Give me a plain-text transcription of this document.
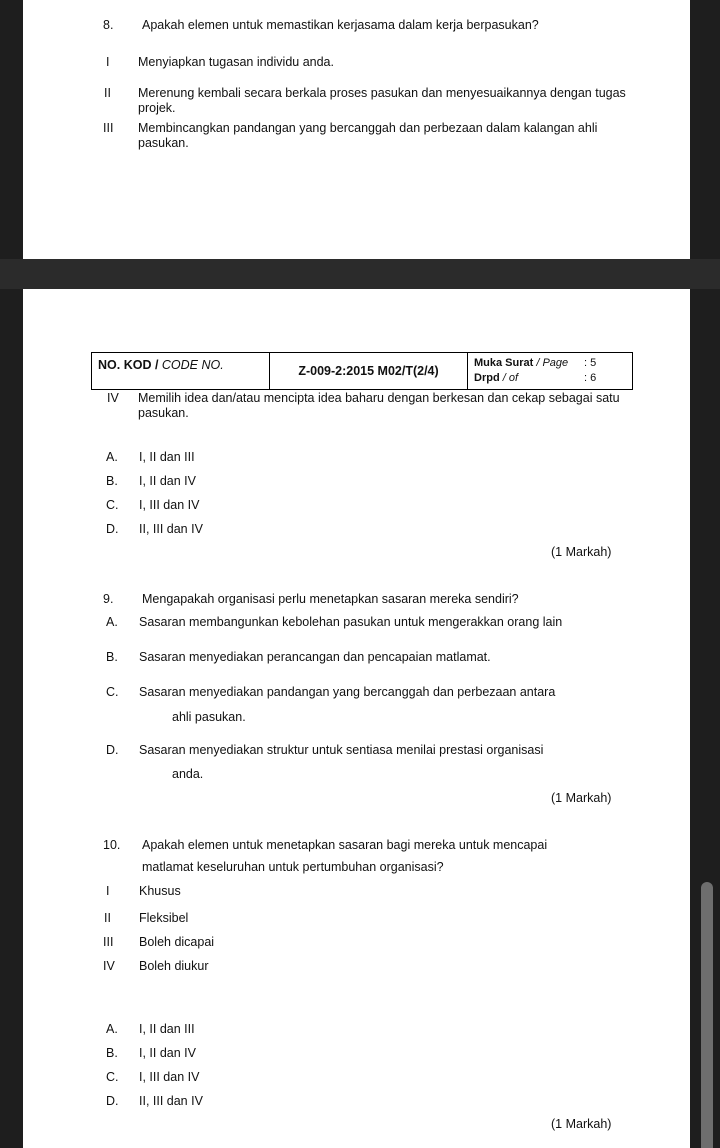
8. Apakah elemen untuk memastikan kerjasama dalam kerja berpasukan?
I Menyiapkan tugasan individu anda.
II Merenung kembali secara berkala proses pasukan dan menyesuaikannya dengan tugas projek.
III Membincangkan pandangan yang bercanggah dan perbezaan dalam kalangan ahli pasukan.
NO. KOD / CODE NO.	Z-009-2:2015 M02/T(2/4)
Muka Surat / Page	: 5
Drpd / of	: 6
IV Memilih idea dan/atau mencipta idea baharu dengan berkesan dan cekap sebagai satu pasukan.
A. I, II dan III
B. I, II dan IV
C. I, III dan IV
D. II, III dan IV
(1 Markah)
9. Mengapakah organisasi perlu menetapkan sasaran mereka sendiri?
A. Sasaran membangunkan kebolehan pasukan untuk mengerakkan orang lain
B. Sasaran menyediakan perancangan dan pencapaian matlamat.
C. Sasaran menyediakan pandangan yang bercanggah dan perbezaan antara
ahli pasukan.
D. Sasaran menyediakan struktur untuk sentiasa menilai prestasi organisasi
anda.
(1 Markah)
10. Apakah elemen untuk menetapkan sasaran bagi mereka untuk mencapai
matlamat keseluruhan untuk pertumbuhan organisasi?
I Khusus
II Fleksibel
III Boleh dicapai
IV Boleh diukur
A. I, II dan III
B. I, II dan IV
C. I, III dan IV
D. II, III dan IV
(1 Markah)
